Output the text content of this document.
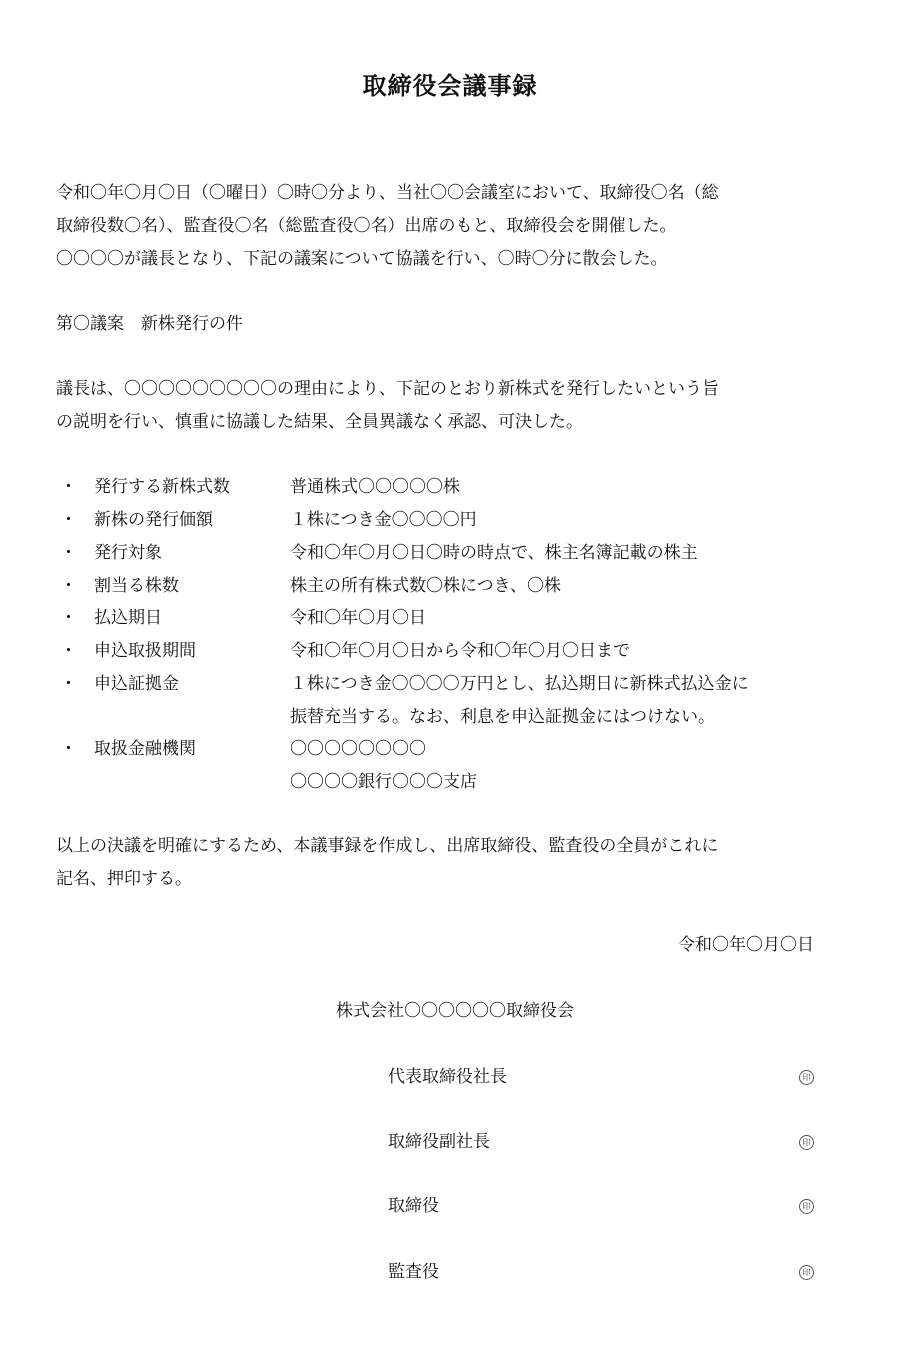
取締役会議事録
令和〇年〇月〇日（〇曜日）〇時〇分より、当社〇〇会議室において、取締役〇名（総
取締役数〇名）、監査役〇名（総監査役〇名）出席のもと、取締役会を開催した。
〇〇〇〇が議長となり、下記の議案について協議を行い、〇時〇分に散会した。
第〇議案　新株発行の件
議長は、〇〇〇〇〇〇〇〇〇の理由により、下記のとおり新株式を発行したいという旨
の説明を行い、慎重に協議した結果、全員異議なく承認、可決した。
・ 発行する新株式数	普通株式〇〇〇〇〇株
・ 新株の発行価額	１株につき金〇〇〇〇円
・ 発行対象	令和〇年〇月〇日〇時の時点で、株主名簿記載の株主
・ 割当る株数	株主の所有株式数〇株につき、〇株
・ 払込期日	令和〇年〇月〇日
・ 申込取扱期間	令和〇年〇月〇日から令和〇年〇月〇日まで
・ 申込証拠金	１株につき金〇〇〇〇万円とし、払込期日に新株式払込金に
振替充当する。なお、利息を申込証拠金にはつけない。
・ 取扱金融機関	〇〇〇〇〇〇〇〇
〇〇〇〇銀行〇〇〇支店
以上の決議を明確にするため、本議事録を作成し、出席取締役、監査役の全員がこれに
記名、押印する。
令和〇年〇月〇日
株式会社〇〇〇〇〇〇取締役会
代表取締役社長	印
取締役副社長	印
取締役	印
監査役	印
